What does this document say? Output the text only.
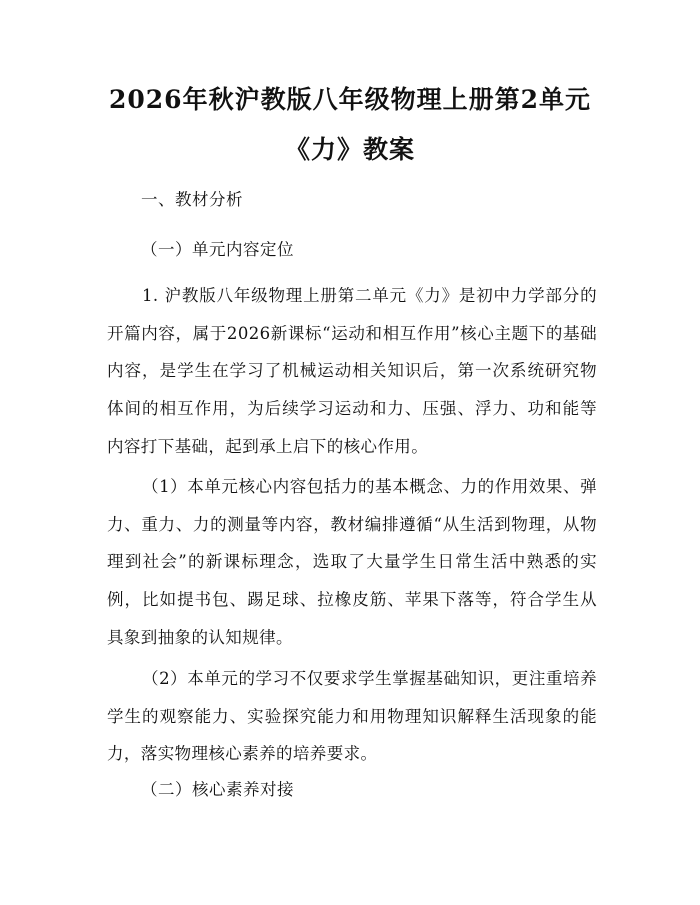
2026年秋沪教版八年级物理上册第2单元
《力》教案
一、教材分析
（一）单元内容定位

1. 沪教版八年级物理上册第二单元《力》是初中力学部分的开篇内容，属于2026新课标“运动和相互作用”核心主题下的基础内容，是学生在学习了机械运动相关知识后，第一次系统研究物体间的相互作用，为后续学习运动和力、压强、浮力、功和能等内容打下基础，起到承上启下的核心作用。

（1）本单元核心内容包括力的基本概念、力的作用效果、弹力、重力、力的测量等内容，教材编排遵循“从生活到物理，从物理到社会”的新课标理念，选取了大量学生日常生活中熟悉的实例，比如提书包、踢足球、拉橡皮筋、苹果下落等，符合学生从具象到抽象的认知规律。

（2）本单元的学习不仅要求学生掌握基础知识，更注重培养学生的观察能力、实验探究能力和用物理知识解释生活现象的能力，落实物理核心素养的培养要求。

（二）核心素养对接
